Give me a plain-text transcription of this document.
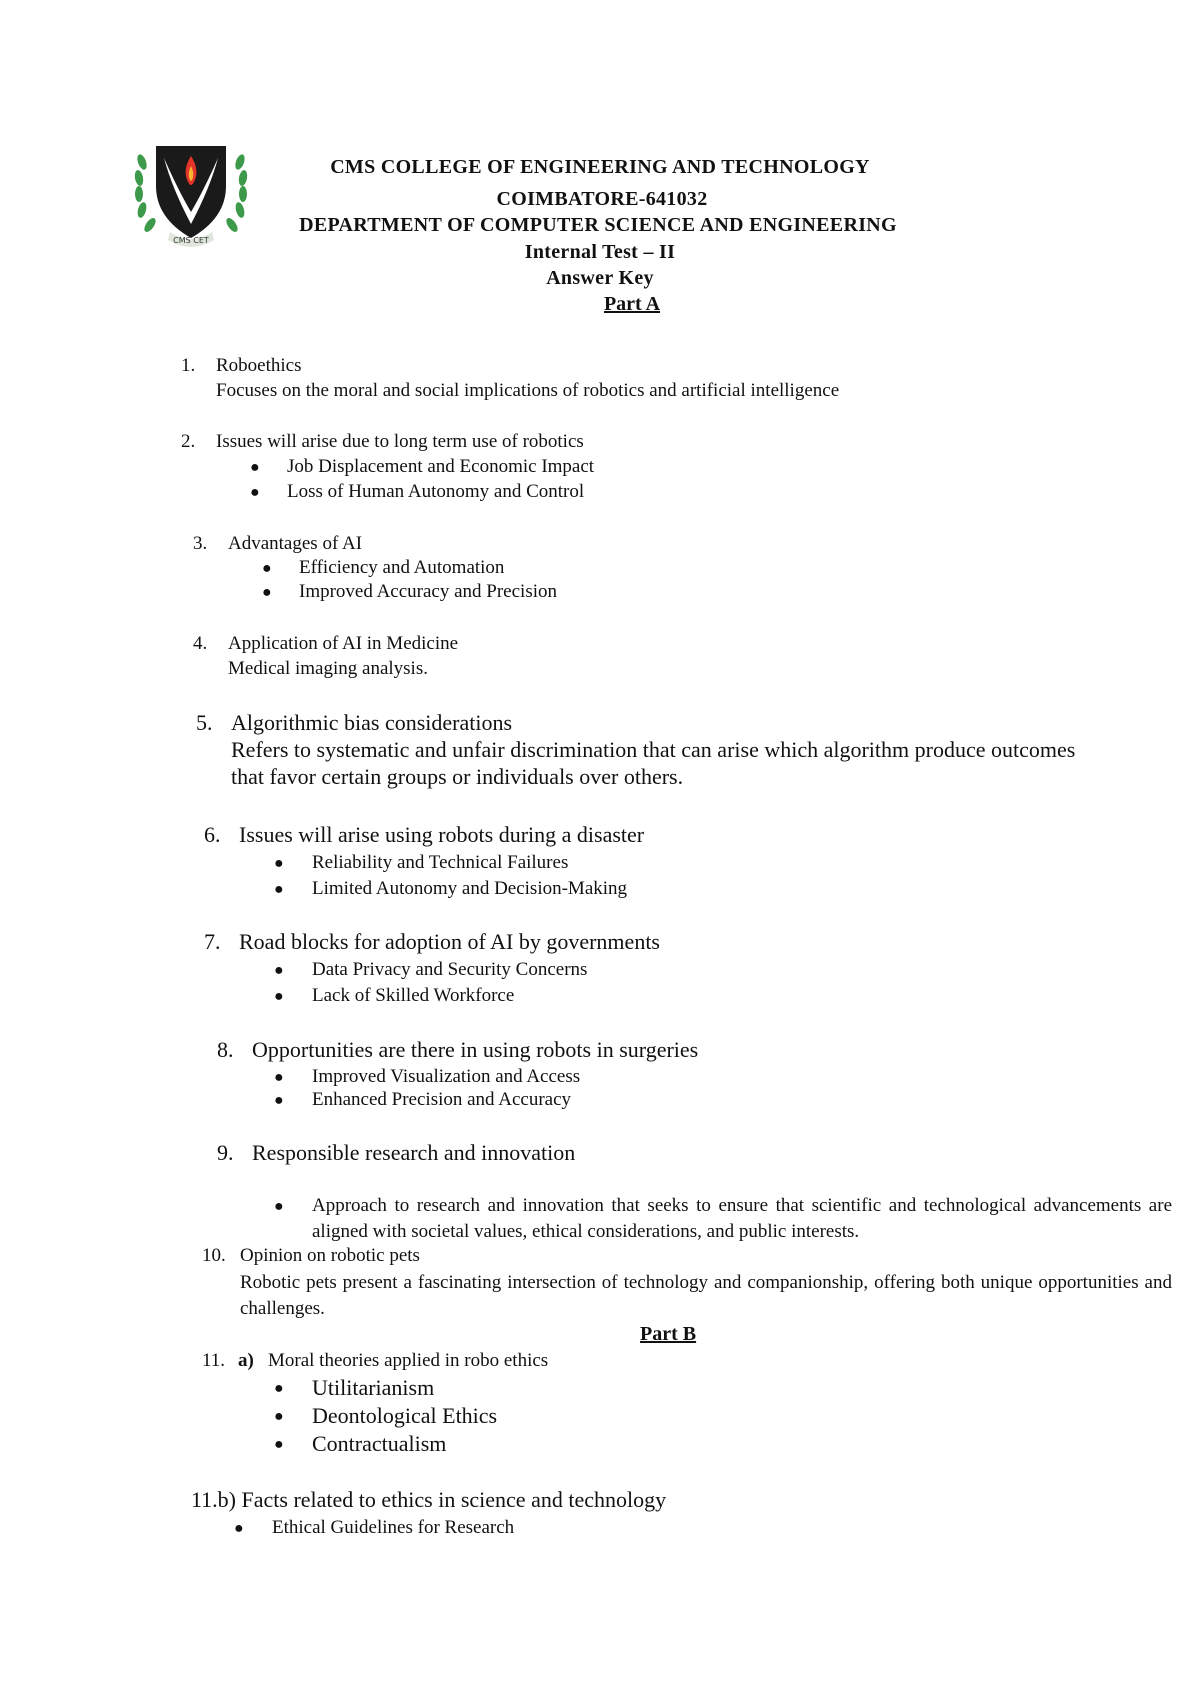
CMS CET
CMS COLLEGE OF ENGINEERING AND TECHNOLOGY
COIMBATORE-641032
DEPARTMENT OF COMPUTER SCIENCE AND ENGINEERING
Internal Test – II
Answer Key
Part A
1. Roboethics
Focuses on the moral and social implications of robotics and artificial intelligence
2. Issues will arise due to long term use of robotics
● Job Displacement and Economic Impact
● Loss of Human Autonomy and Control
3. Advantages of AI
● Efficiency and Automation
● Improved Accuracy and Precision
4. Application of AI in Medicine
Medical imaging analysis.
5. Algorithmic bias considerations
Refers to systematic and unfair discrimination that can arise which algorithm produce outcomes
that favor certain groups or individuals over others.
6. Issues will arise using robots during a disaster
● Reliability and Technical Failures
● Limited Autonomy and Decision-Making
7. Road blocks for adoption of AI by governments
● Data Privacy and Security Concerns
● Lack of Skilled Workforce
8. Opportunities are there in using robots in surgeries
● Improved Visualization and Access
● Enhanced Precision and Accuracy
9. Responsible research and innovation
● Approach to research and innovation that seeks to ensure that scientific and technological advancements are aligned with societal values, ethical considerations, and public interests.
10. Opinion on robotic pets
Robotic pets present a fascinating intersection of technology and companionship, offering both unique opportunities and challenges.
Part B
11. a) Moral theories applied in robo ethics
● Utilitarianism
● Deontological Ethics
● Contractualism
11.b) Facts related to ethics in science and technology
● Ethical Guidelines for Research
